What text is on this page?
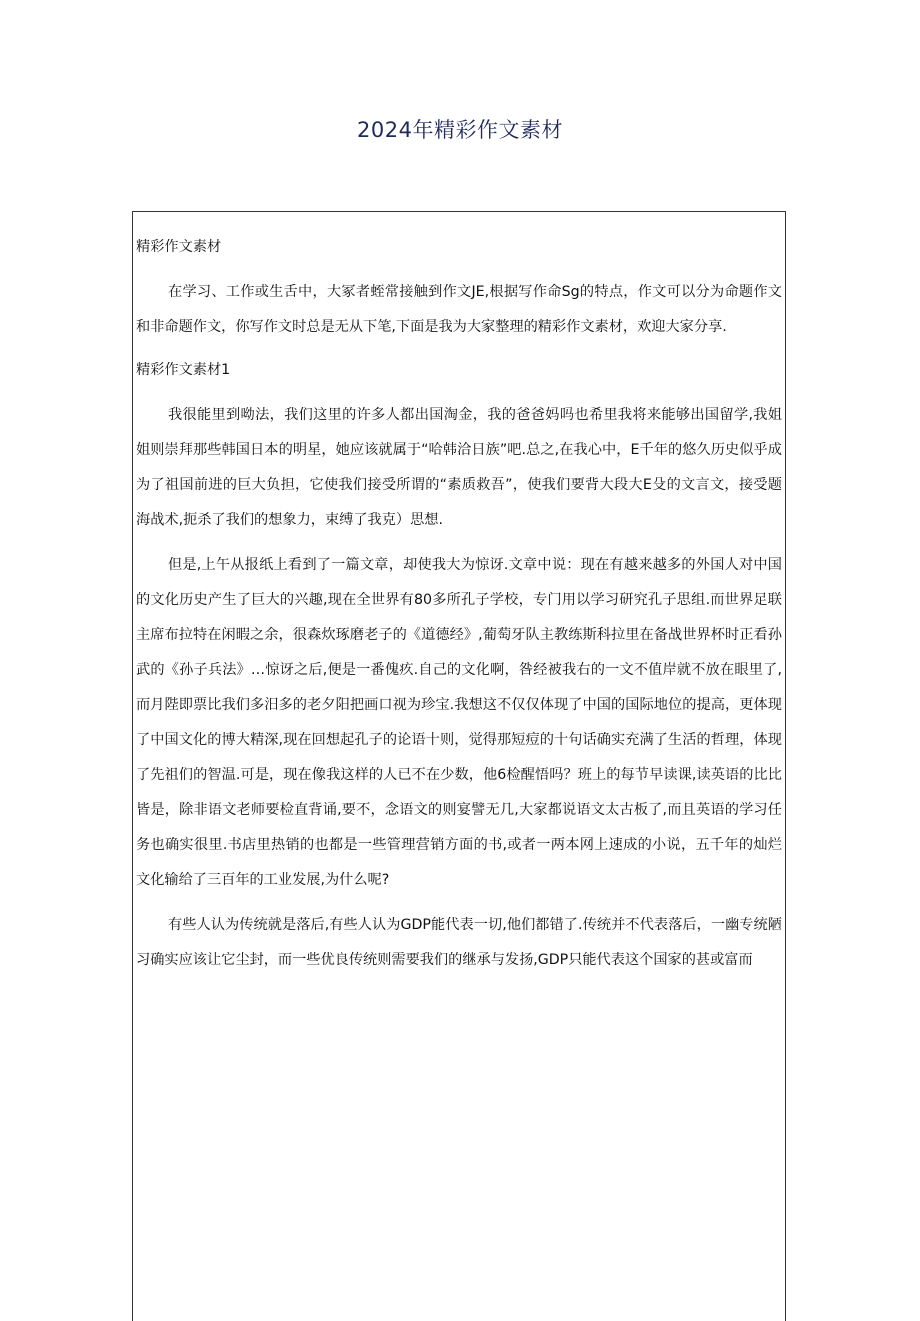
2024年精彩作文素材

精彩作文素材

在学习、工作或生舌中，大冢者蛭常接触到作文JE,根据写作命Sg的特点，作文可以分为命题作文和非命题作文，你写作文时总是无从下笔,下面是我为大家整理的精彩作文素材，欢迎大家分享.

精彩作文素材1

我很能里到呦法，我们这里的许多人都出国淘金，我的爸爸妈吗也希里我将来能够出国留学,我姐姐则崇拜那些韩国日本的明星，她应该就属于“哈韩洽日族”吧.总之,在我心中，E千年的悠久历史似乎成为了祖国前进的巨大负担，它使我们接受所谓的“素质救吾”，使我们要背大段大E殳的文言文，接受题海战术,扼杀了我们的想象力，束缚了我克）思想.

但是,上午从报纸上看到了一篇文章，却使我大为惊讶.文章中说：现在有越来越多的外国人对中国的文化历史产生了巨大的兴趣,现在全世界有80多所孔子学校，专门用以学习研究孔子思组.而世界足联主席布拉特在闲暇之余，很森炊琢磨老子的《道德经》,葡萄牙队主教练斯科拉里在备战世界杯时正看孙武的《孙子兵法》…惊讶之后,便是一番傀疚.自己的文化啊，咎经被我右的一文不值岸就不放在眼里了,而月陛即票比我们多汨多的老夕阳把画口视为珍宝.我想这不仅仅体现了中国的国际地位的提高，更体现了中国文化的博大精深,现在回想起孔子的论语十则，觉得那短痘的十句话确实充满了生活的哲理，体现了先祖们的智温.可是，现在像我这样的人已不在少数，他6检醒悟吗？班上的每节早读课,读英语的比比皆是，除非语文老师要检直背诵,要不，念语文的则宴譬无几,大家都说语文太古板了,而且英语的学习任务也确实很里.书店里热销的也都是一些管理营销方面的书,或者一两本网上速成的小说，五千年的灿烂文化输给了三百年的工业发展,为什么呢?

有些人认为传统就是落后,有些人认为GDP能代表一切,他们都错了.传统并不代表落后，一幽专统陋习确实应该让它尘封，而一些优良传统则需要我们的继承与发扬,GDP只能代表这个国家的甚或富而
